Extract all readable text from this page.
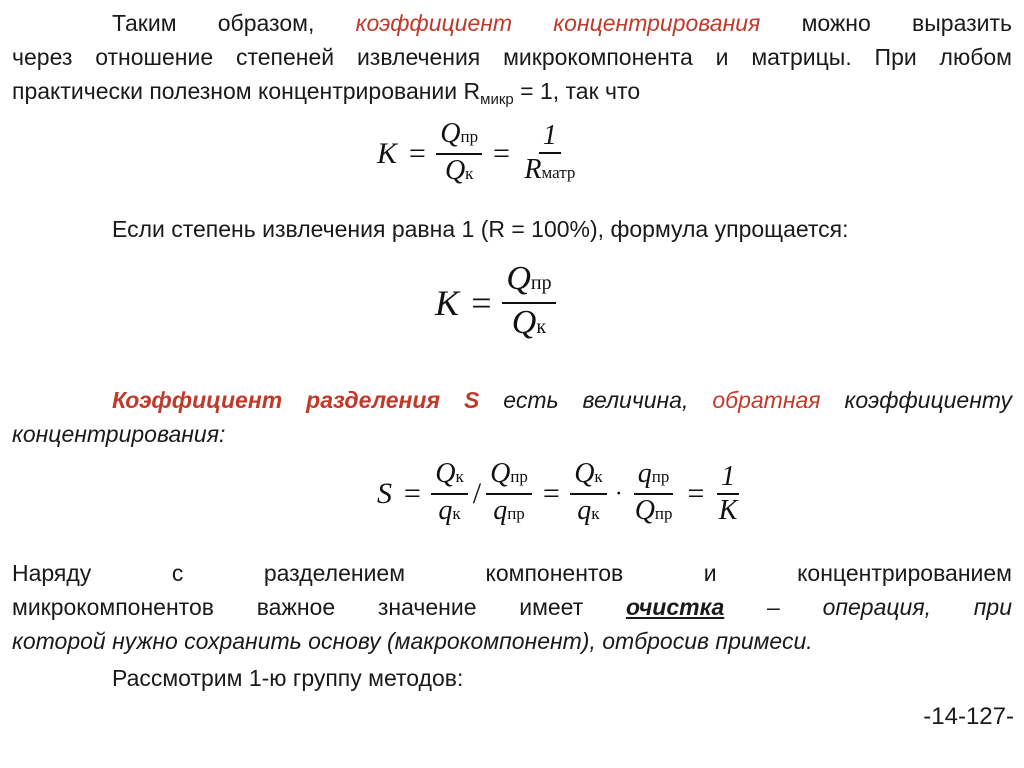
Таким образом, коэффициент концентрирования можно выразить
через отношение степеней извлечения микрокомпонента и матрицы. При любом
практически полезном концентрировании $R_{микр} = 1$, так что
$K = \frac{\text{Qпр}}{Qк} = \frac{1}{\text{Rматр}}$
Если степень извлечения равна 1 (R = 100%), формула упрощается:
$K = \frac{\text{Qпр}}{Qк}$
Коэффициент разделения S есть величина, обратная коэффициенту
концентрирования:
$S = \frac{Qк}{qк} / \frac{\text{Qпр}}{\text{qпр}} = \frac{Qк}{qк} \cdot \frac{\text{qпр}}{\text{Qпр}} = \frac{1}{K}$
Наряду	с	разделением	компонентов	и	концентрированием
микрокомпонентов важное значение имеет очистка – операция, при
которой нужно сохранить основу (макрокомпонент), отбросив примеси.
Рассмотрим 1-ю группу методов:
-14-127-
